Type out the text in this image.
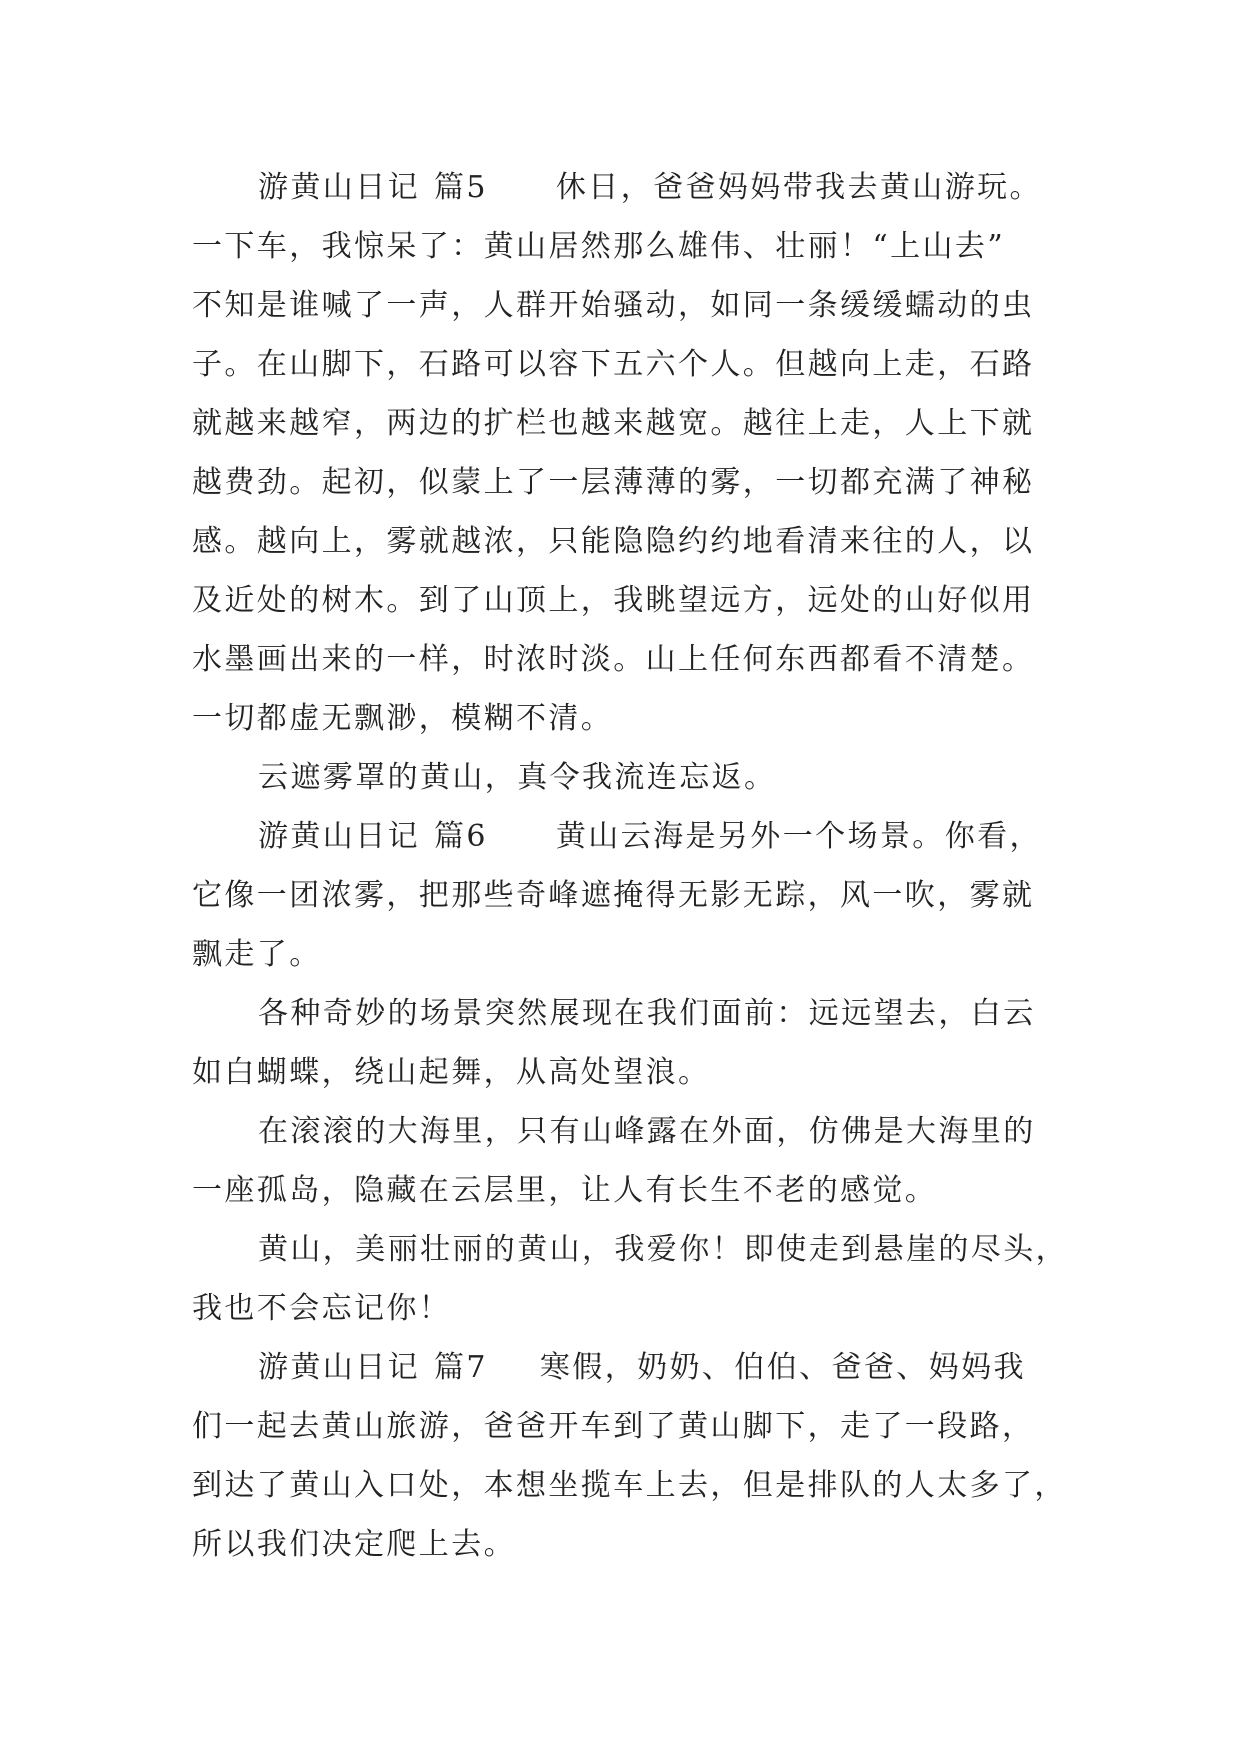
游黄山日记 篇5 休日，爸爸妈妈带我去黄山游玩。
一下车，我惊呆了：黄山居然那么雄伟、壮丽！“上山去”
不知是谁喊了一声，人群开始骚动，如同一条缓缓蠕动的虫
子。在山脚下，石路可以容下五六个人。但越向上走，石路
就越来越窄，两边的扩栏也越来越宽。越往上走，人上下就
越费劲。起初，似蒙上了一层薄薄的雾，一切都充满了神秘
感。越向上，雾就越浓，只能隐隐约约地看清来往的人，以
及近处的树木。到了山顶上，我眺望远方，远处的山好似用
水墨画出来的一样，时浓时淡。山上任何东西都看不清楚。
一切都虚无飘渺，模糊不清。
云遮雾罩的黄山，真令我流连忘返。
游黄山日记 篇6 黄山云海是另外一个场景。你看，
它像一团浓雾，把那些奇峰遮掩得无影无踪，风一吹，雾就
飘走了。
各种奇妙的场景突然展现在我们面前：远远望去，白云
如白蝴蝶，绕山起舞，从高处望浪。
在滚滚的大海里，只有山峰露在外面，仿佛是大海里的
一座孤岛，隐藏在云层里，让人有长生不老的感觉。
黄山，美丽壮丽的黄山，我爱你！即使走到悬崖的尽头，
我也不会忘记你！
游黄山日记 篇7 寒假，奶奶、伯伯、爸爸、妈妈我
们一起去黄山旅游，爸爸开车到了黄山脚下，走了一段路，
到达了黄山入口处，本想坐揽车上去，但是排队的人太多了，
所以我们决定爬上去。
